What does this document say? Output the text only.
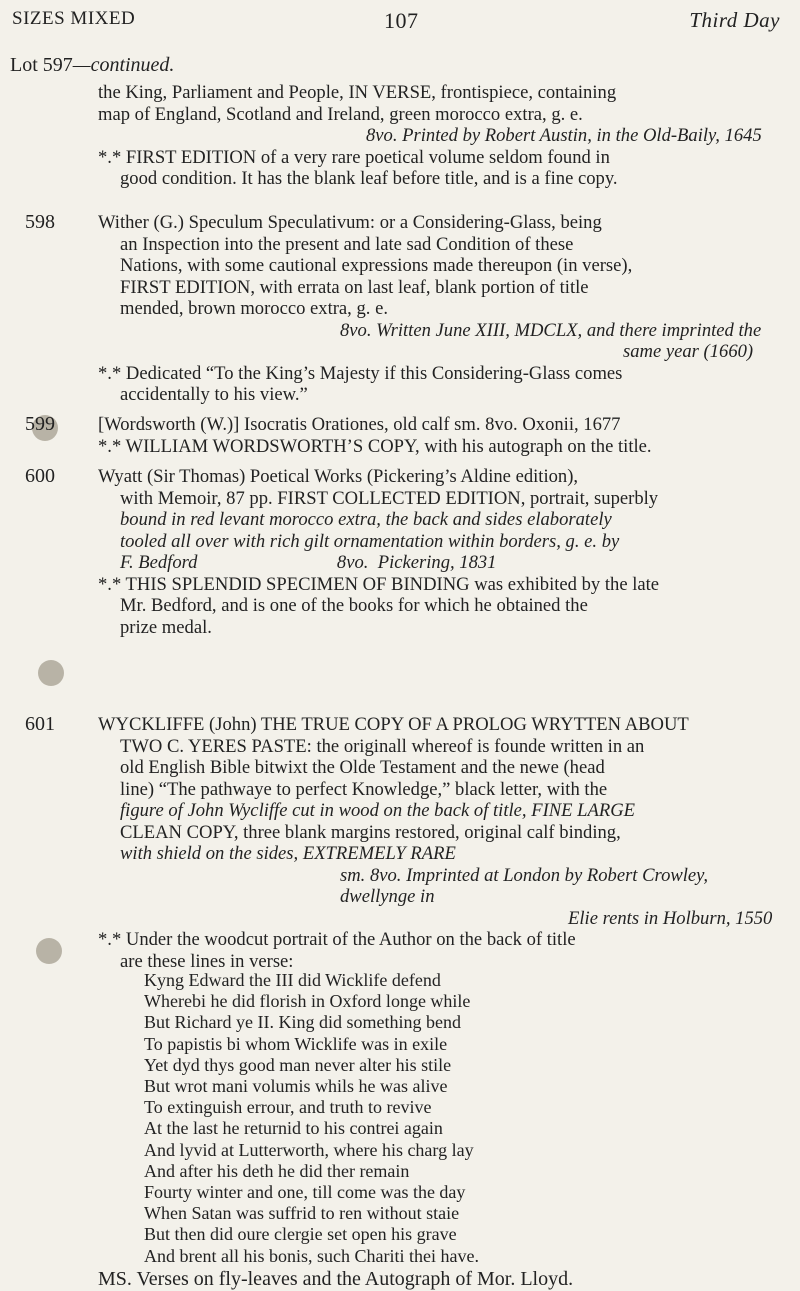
SIZES MIXED	107	Third Day
Lot 597—continued.
the King, Parliament and People, IN VERSE, frontispiece, containing
map of England, Scotland and Ireland, green morocco extra, g. e.
8vo. Printed by Robert Austin, in the Old-Baily, 1645
*.* FIRST EDITION of a very rare poetical volume seldom found in
good condition. It has the blank leaf before title, and is a fine copy.
598 Wither (G.) Speculum Speculativum: or a Considering-Glass, being
an Inspection into the present and late sad Condition of these
Nations, with some cautional expressions made thereupon (in verse),
FIRST EDITION, with errata on last leaf, blank portion of title
mended, brown morocco extra, g. e.
8vo. Written June XIII, MDCLX, and there imprinted the
same year (1660)
*.* Dedicated “To the King’s Majesty if this Considering-Glass comes
accidentally to his view.”
599 [Wordsworth (W.)] Isocratis Orationes, old calf sm. 8vo. Oxonii, 1677
*.* WILLIAM WORDSWORTH’S COPY, with his autograph on the title.
600 Wyatt (Sir Thomas) Poetical Works (Pickering’s Aldine edition),
with Memoir, 87 pp. FIRST COLLECTED EDITION, portrait, superbly
bound in red levant morocco extra, the back and sides elaborately
tooled all over with rich gilt ornamentation within borders, g. e. by
F. Bedford                              8vo.  Pickering, 1831
*.* THIS SPLENDID SPECIMEN OF BINDING was exhibited by the late
Mr. Bedford, and is one of the books for which he obtained the
prize medal.
601 WYCKLIFFE (John) THE TRUE COPY OF A PROLOG WRYTTEN ABOUT
TWO C. YERES PASTE: the originall whereof is founde written in an
old English Bible bitwixt the Olde Testament and the newe (head
line) “The pathwaye to perfect Knowledge,” black letter, with the
figure of John Wycliffe cut in wood on the back of title, FINE LARGE
CLEAN COPY, three blank margins restored, original calf binding,
with shield on the sides, EXTREMELY RARE
sm. 8vo. Imprinted at London by Robert Crowley, dwellynge in
Elie rents in Holburn, 1550
*.* Under the woodcut portrait of the Author on the back of title
are these lines in verse:
Kyng Edward the III did Wicklife defend
Wherebi he did florish in Oxford longe while
But Richard ye II. King did something bend
To papistis bi whom Wicklife was in exile
Yet dyd thys good man never alter his stile
But wrot mani volumis whils he was alive
To extinguish errour, and truth to revive
At the last he returnid to his contrei again
And lyvid at Lutterworth, where his charg lay
And after his deth he did ther remain
Fourty winter and one, till come was the day
When Satan was suffrid to ren without staie
But then did oure clergie set open his grave
And brent all his bonis, such Chariti thei have.
MS. Verses on fly-leaves and the Autograph of Mor. Lloyd.
